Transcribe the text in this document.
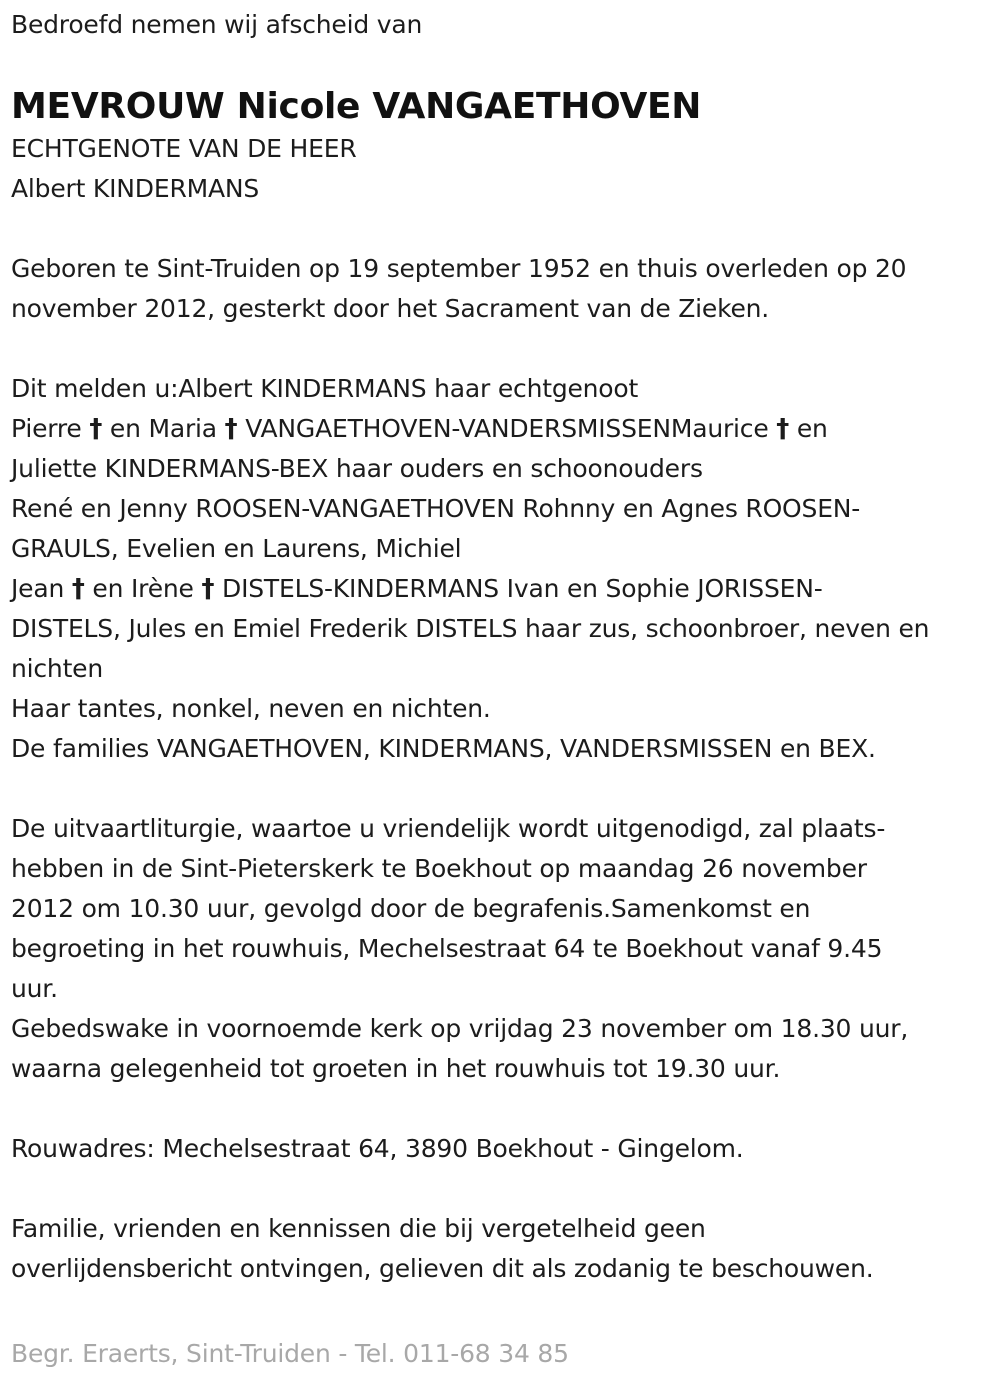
Bedroefd nemen wij afscheid van
MEVROUW Nicole VANGAETHOVEN
ECHTGENOTE VAN DE HEER
Albert KINDERMANS
Geboren te Sint-Truiden op 19 september 1952 en thuis overleden op 20
november 2012, gesterkt door het Sacrament van de Zieken.
Dit melden u:Albert KINDERMANS haar echtgenoot
Pierre † en Maria † VANGAETHOVEN-VANDERSMISSENMaurice † en
Juliette KINDERMANS-BEX haar ouders en schoonouders
René en Jenny ROOSEN-VANGAETHOVEN Rohnny en Agnes ROOSEN-
GRAULS, Evelien en Laurens, Michiel
Jean † en Irène † DISTELS-KINDERMANS Ivan en Sophie JORISSEN-
DISTELS, Jules en Emiel Frederik DISTELS haar zus, schoonbroer, neven en
nichten
Haar tantes, nonkel, neven en nichten.
De families VANGAETHOVEN, KINDERMANS, VANDERSMISSEN en BEX.
De uitvaartliturgie, waartoe u vriendelijk wordt uitgenodigd, zal plaats-
hebben in de Sint-Pieterskerk te Boekhout op maandag 26 november
2012 om 10.30 uur, gevolgd door de begrafenis.Samenkomst en
begroeting in het rouwhuis, Mechelsestraat 64 te Boekhout vanaf 9.45
uur.
Gebedswake in voornoemde kerk op vrijdag 23 november om 18.30 uur,
waarna gelegenheid tot groeten in het rouwhuis tot 19.30 uur.
Rouwadres: Mechelsestraat 64, 3890 Boekhout - Gingelom.
Familie, vrienden en kennissen die bij vergetelheid geen
overlijdensbericht ontvingen, gelieven dit als zodanig te beschouwen.
Begr. Eraerts, Sint-Truiden - Tel. 011-68 34 85
